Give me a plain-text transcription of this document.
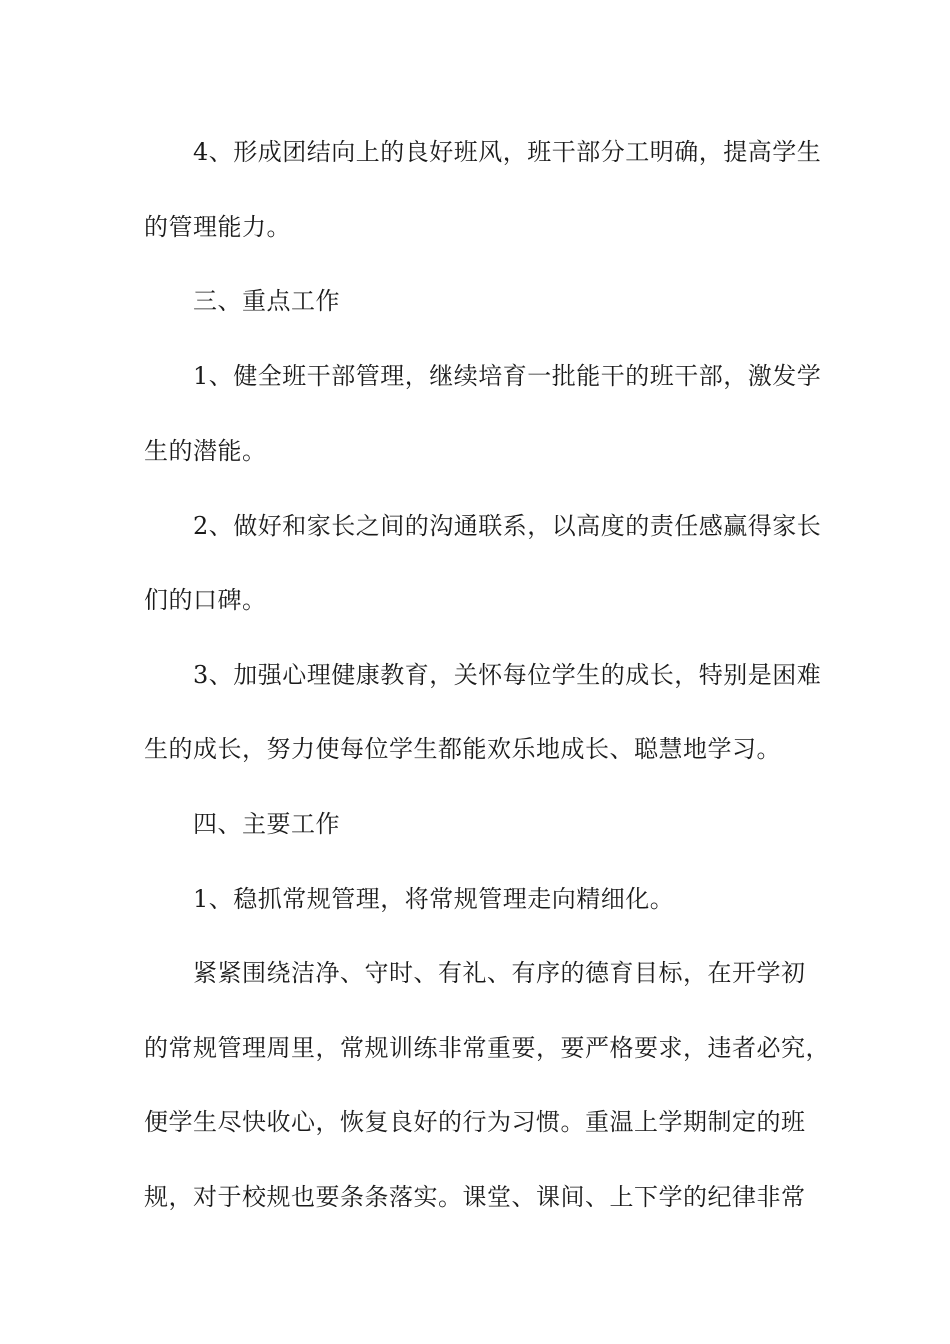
4、形成团结向上的良好班风，班干部分工明确，提高学生
的管理能力。
三、重点工作
1、健全班干部管理，继续培育一批能干的班干部，激发学
生的潜能。
2、做好和家长之间的沟通联系，以高度的责任感赢得家长
们的口碑。
3、加强心理健康教育，关怀每位学生的成长，特别是困难
生的成长，努力使每位学生都能欢乐地成长、聪慧地学习。
四、主要工作
1、稳抓常规管理，将常规管理走向精细化。
紧紧围绕洁净、守时、有礼、有序的德育目标，在开学初
的常规管理周里，常规训练非常重要，要严格要求，违者必究，
便学生尽快收心，恢复良好的行为习惯。重温上学期制定的班
规，对于校规也要条条落实。课堂、课间、上下学的纪律非常
